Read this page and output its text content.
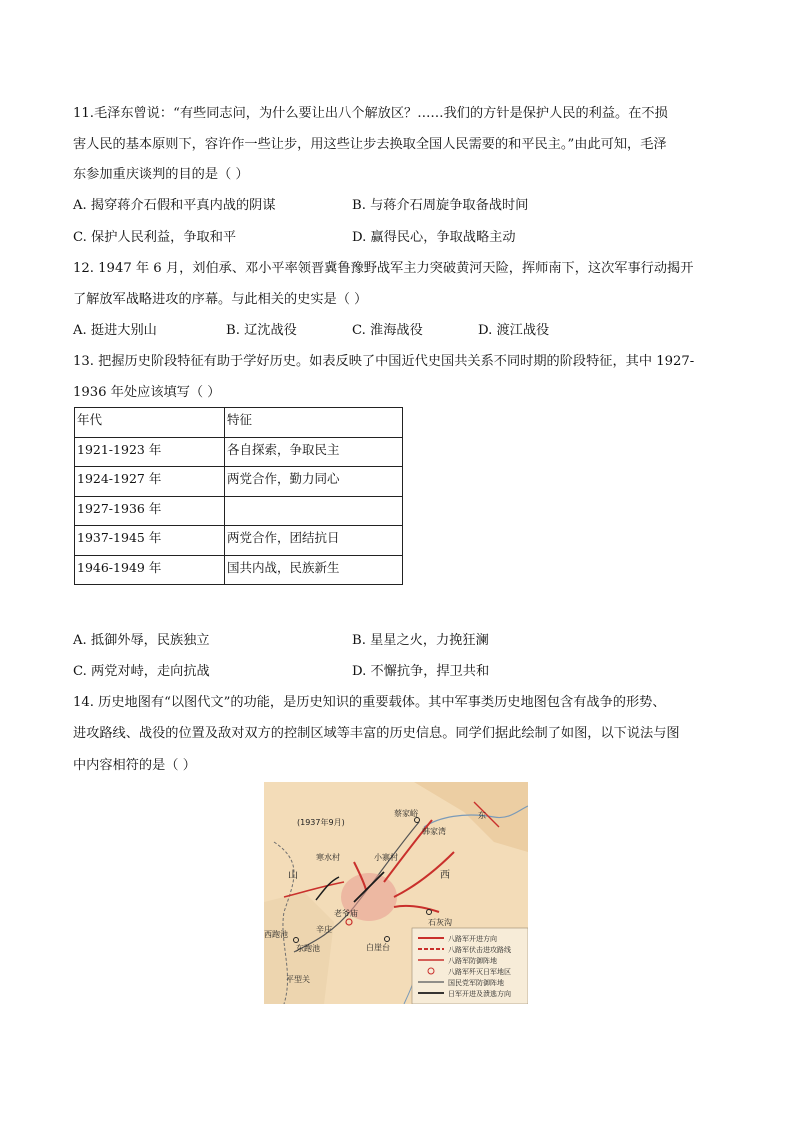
11.毛泽东曾说：“有些同志问，为什么要让出八个解放区？……我们的方针是保护人民的利益。在不损
害人民的基本原则下，容许作一些让步，用这些让步去换取全国人民需要的和平民主。”由此可知，毛泽
东参加重庆谈判的目的是（ ）
A. 揭穿蒋介石假和平真内战的阴谋	B. 与蒋介石周旋争取备战时间
C. 保护人民利益，争取和平	D. 赢得民心，争取战略主动
12. 1947 年 6 月，刘伯承、邓小平率领晋冀鲁豫野战军主力突破黄河天险，挥师南下，这次军事行动揭开
了解放军战略进攻的序幕。与此相关的史实是（ ）
A. 挺进大别山	B. 辽沈战役	C. 淮海战役	D. 渡江战役
13. 把握历史阶段特征有助于学好历史。如表反映了中国近代史国共关系不同时期的阶段特征，其中 1927-
1936 年处应该填写（ ）
年代	特征
1921-1923 年	各自探索，争取民主
1924-1927 年	两党合作，勤力同心
1927-1936 年	
1937-1945 年	两党合作，团结抗日
1946-1949 年	国共内战，民族新生
A. 抵御外辱，民族独立	B. 星星之火，力挽狂澜
C. 两党对峙，走向抗战	D. 不懈抗争，捍卫共和
14. 历史地图有“以图代文”的功能，是历史知识的重要载体。其中军事类历史地图包含有战争的形势、
进攻路线、战役的位置及敌对双方的控制区域等丰富的历史信息。同学们据此绘制了如图，以下说法与图
中内容相符的是（ ）
(1937年9月)
蔡家峪	东
韩家湾
寒水村	小寨村
山	西
老爷庙
辛庄
石灰沟
西跑池
东跑池	白崖台
平型关
八路军开进方向
八路军伏击进攻路线
八路军防御阵地
八路军歼灭日军地区
国民党军防御阵地
日军开进及溃逃方向
